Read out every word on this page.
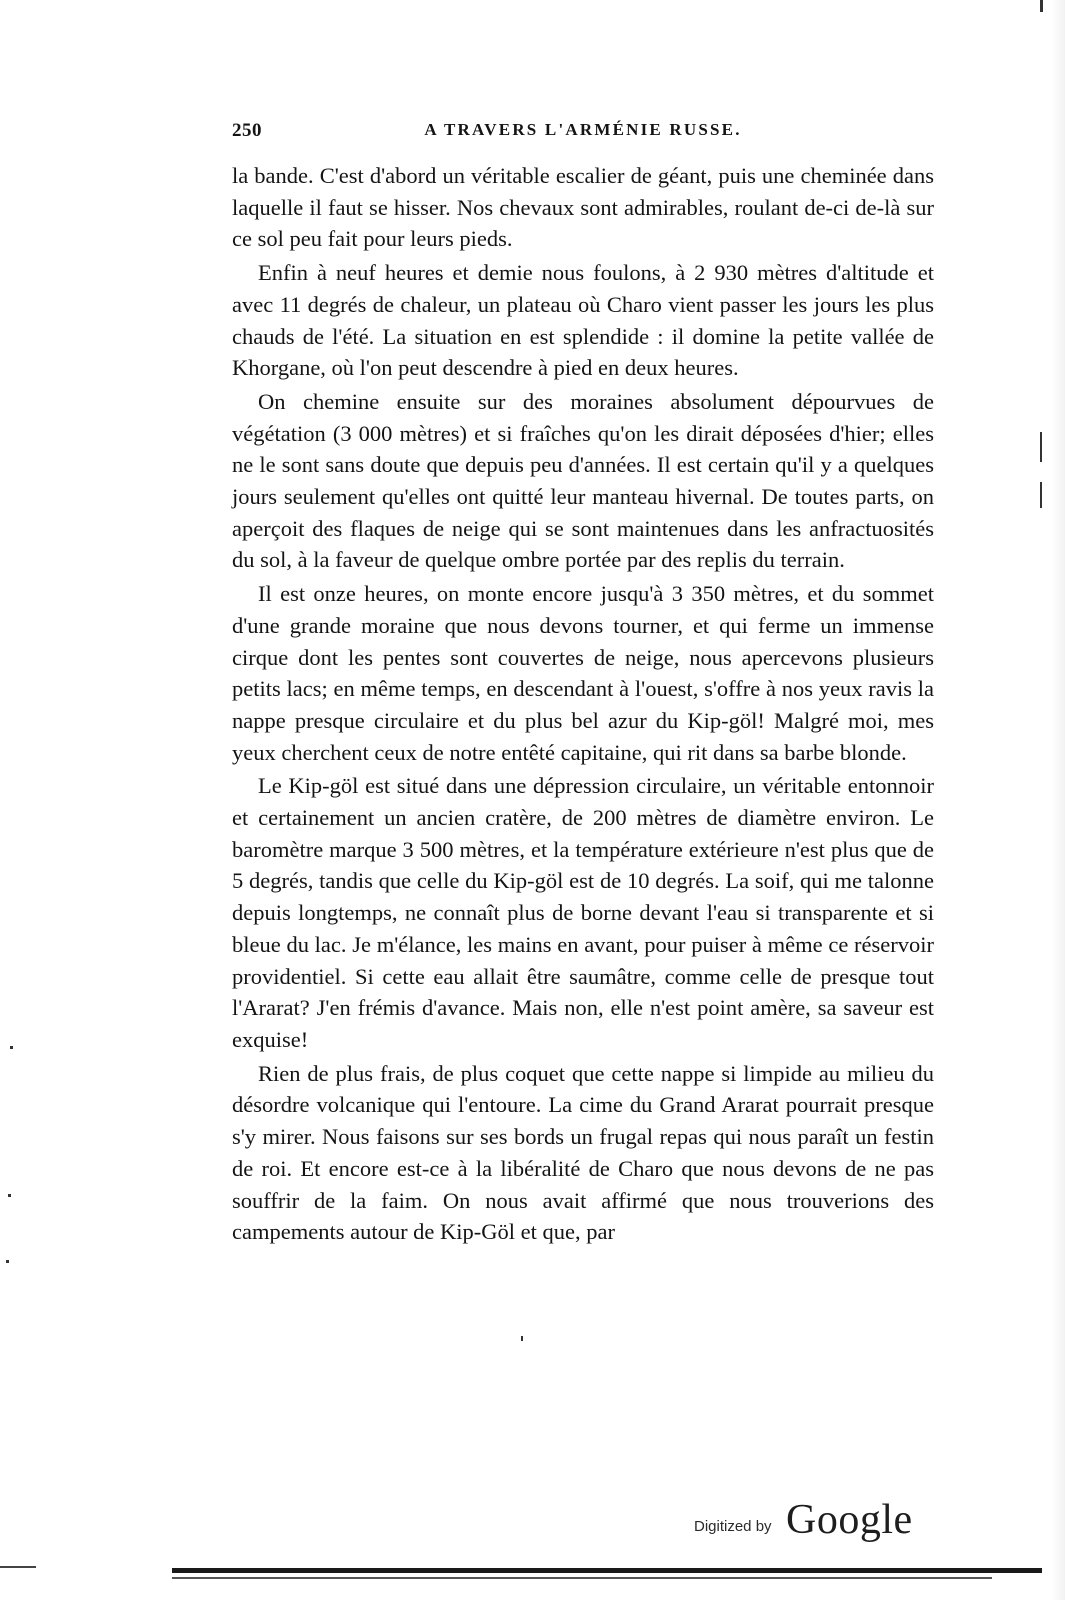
250	A TRAVERS L'ARMÉNIE RUSSE.

la bande. C'est d'abord un véritable escalier de géant, puis une cheminée dans laquelle il faut se hisser. Nos chevaux sont admirables, roulant de-ci de-là sur ce sol peu fait pour leurs pieds.

Enfin à neuf heures et demie nous foulons, à 2 930 mètres d'altitude et avec 11 degrés de chaleur, un plateau où Charo vient passer les jours les plus chauds de l'été. La situation en est splendide : il domine la petite vallée de Khorgane, où l'on peut descendre à pied en deux heures.

On chemine ensuite sur des moraines absolument dépourvues de végétation (3 000 mètres) et si fraîches qu'on les dirait déposées d'hier; elles ne le sont sans doute que depuis peu d'années. Il est certain qu'il y a quelques jours seulement qu'elles ont quitté leur manteau hivernal. De toutes parts, on aperçoit des flaques de neige qui se sont maintenues dans les anfractuosités du sol, à la faveur de quelque ombre portée par des replis du terrain.

Il est onze heures, on monte encore jusqu'à 3 350 mètres, et du sommet d'une grande moraine que nous devons tourner, et qui ferme un immense cirque dont les pentes sont couvertes de neige, nous apercevons plusieurs petits lacs; en même temps, en descendant à l'ouest, s'offre à nos yeux ravis la nappe presque circulaire et du plus bel azur du Kip-göl! Malgré moi, mes yeux cherchent ceux de notre entêté capitaine, qui rit dans sa barbe blonde.

Le Kip-göl est situé dans une dépression circulaire, un véritable entonnoir et certainement un ancien cratère, de 200 mètres de diamètre environ. Le baromètre marque 3 500 mètres, et la température extérieure n'est plus que de 5 degrés, tandis que celle du Kip-göl est de 10 degrés. La soif, qui me talonne depuis longtemps, ne connaît plus de borne devant l'eau si transparente et si bleue du lac. Je m'élance, les mains en avant, pour puiser à même ce réservoir providentiel. Si cette eau allait être saumâtre, comme celle de presque tout l'Ararat? J'en frémis d'avance. Mais non, elle n'est point amère, sa saveur est exquise!

Rien de plus frais, de plus coquet que cette nappe si limpide au milieu du désordre volcanique qui l'entoure. La cime du Grand Ararat pourrait presque s'y mirer. Nous faisons sur ses bords un frugal repas qui nous paraît un festin de roi. Et encore est-ce à la libéralité de Charo que nous devons de ne pas souffrir de la faim. On nous avait affirmé que nous trouverions des campements autour de Kip-Göl et que, par

Digitized by Google
